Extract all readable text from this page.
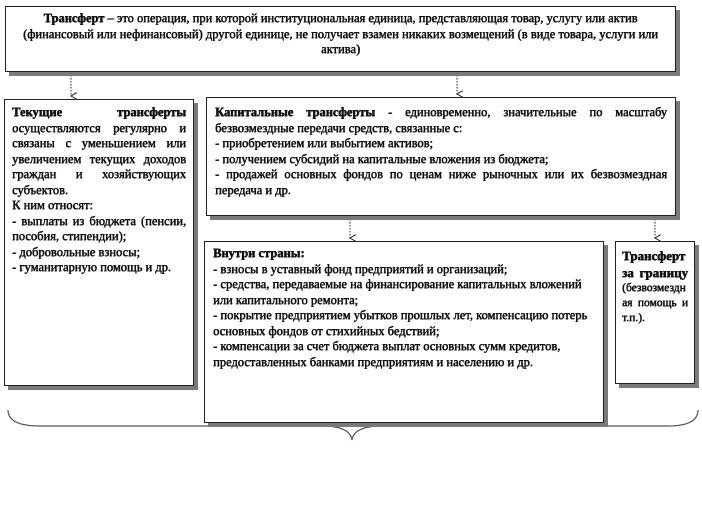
Трансферт – это операция, при которой институциональная единица, представляющая товар, услугу или актив (финансовый или нефинансовый) другой единице, не получает взамен никаких возмещений (в виде товара, услуги или актива)
Текущие трансферты осуществляются регулярно и связаны с уменьшением или увеличением текущих доходов граждан и хозяйствующих субъектов.
К ним относят:
- выплаты из бюджета (пенсии, пособия, стипендии);
- добровольные взносы;
- гуманитарную помощь и др.
Капитальные трансферты - единовременно, значительные по масштабу безвозмездные передачи средств, связанные с:
- приобретением или выбытием активов;
- получением субсидий на капитальные вложения из бюджета;
- продажей основных фондов по ценам ниже рыночных или их безвозмездная передача и др.
Внутри страны:
- взносы в уставный фонд предприятий и организаций;
- средства, передаваемые на финансирование капитальных вложений или капитального ремонта;
- покрытие предприятием убытков прошлых лет, компенсацию потерь основных фондов от стихийных бедствий;
- компенсации за счет бюджета выплат основных сумм кредитов, предоставленных банками предприятиям и населению и др.
Трансферт за границу
(безвозмездная помощь и т.п.).
